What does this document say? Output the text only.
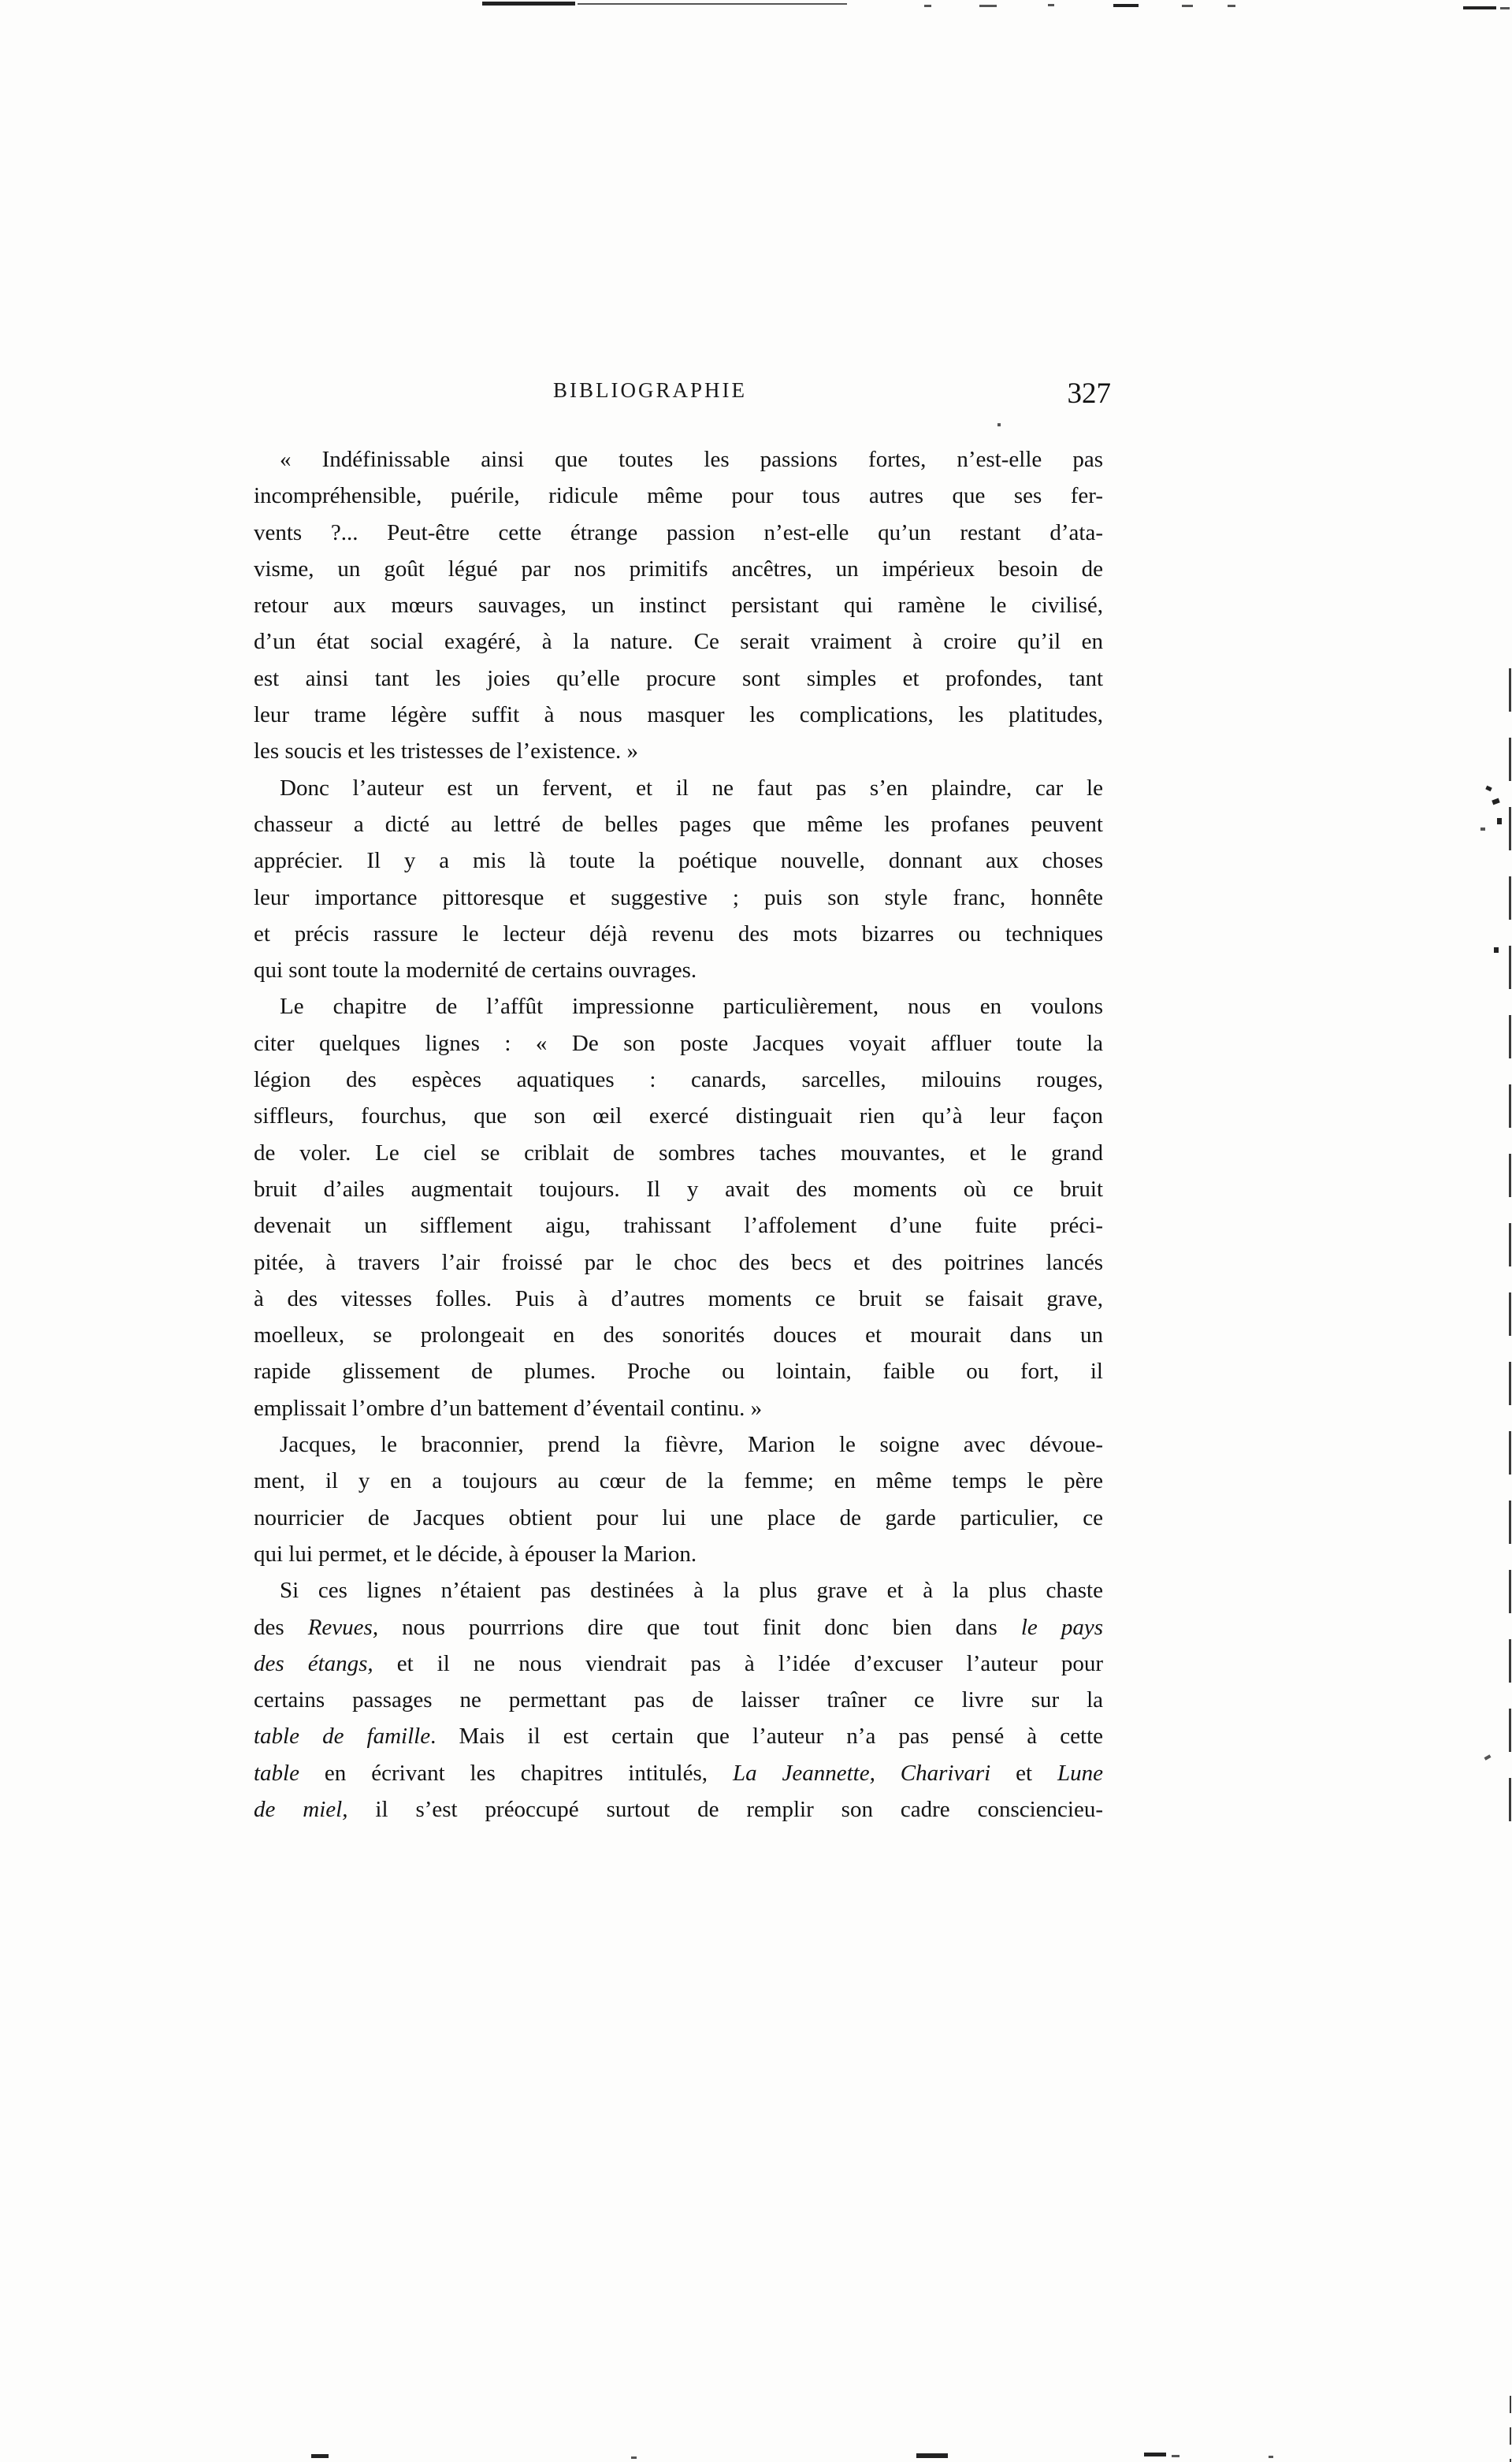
BIBLIOGRAPHIE	327
« Indéfinissable ainsi que toutes les passions fortes, n’est-elle pas
incompréhensible, puérile, ridicule même pour tous autres que ses fer-
vents ?... Peut-être cette étrange passion n’est-elle qu’un restant d’ata-
visme, un goût légué par nos primitifs ancêtres, un impérieux besoin de
retour aux mœurs sauvages, un instinct persistant qui ramène le civilisé,
d’un état social exagéré, à la nature. Ce serait vraiment à croire qu’il en
est ainsi tant les joies qu’elle procure sont simples et profondes, tant
leur trame légère suffit à nous masquer les complications, les platitudes,
les soucis et les tristesses de l’existence. »
Donc l’auteur est un fervent, et il ne faut pas s’en plaindre, car le
chasseur a dicté au lettré de belles pages que même les profanes peuvent
apprécier. Il y a mis là toute la poétique nouvelle, donnant aux choses
leur importance pittoresque et suggestive ; puis son style franc, honnête
et précis rassure le lecteur déjà revenu des mots bizarres ou techniques
qui sont toute la modernité de certains ouvrages.
Le chapitre de l’affût impressionne particulièrement, nous en voulons
citer quelques lignes : « De son poste Jacques voyait affluer toute la
légion des espèces aquatiques : canards, sarcelles, milouins rouges,
siffleurs, fourchus, que son œil exercé distinguait rien qu’à leur façon
de voler. Le ciel se criblait de sombres taches mouvantes, et le grand
bruit d’ailes augmentait toujours. Il y avait des moments où ce bruit
devenait un sifflement aigu, trahissant l’affolement d’une fuite préci-
pitée, à travers l’air froissé par le choc des becs et des poitrines lancés
à des vitesses folles. Puis à d’autres moments ce bruit se faisait grave,
moelleux, se prolongeait en des sonorités douces et mourait dans un
rapide glissement de plumes. Proche ou lointain, faible ou fort, il
emplissait l’ombre d’un battement d’éventail continu. »
Jacques, le braconnier, prend la fièvre, Marion le soigne avec dévoue-
ment, il y en a toujours au cœur de la femme; en même temps le père
nourricier de Jacques obtient pour lui une place de garde particulier, ce
qui lui permet, et le décide, à épouser la Marion.
Si ces lignes n’étaient pas destinées à la plus grave et à la plus chaste
des Revues, nous pourrrions dire que tout finit donc bien dans le pays
des étangs, et il ne nous viendrait pas à l’idée d’excuser l’auteur pour
certains passages ne permettant pas de laisser traîner ce livre sur la
table de famille. Mais il est certain que l’auteur n’a pas pensé à cette
table en écrivant les chapitres intitulés, La Jeannette, Charivari et Lune
de miel, il s’est préoccupé surtout de remplir son cadre consciencieu-
